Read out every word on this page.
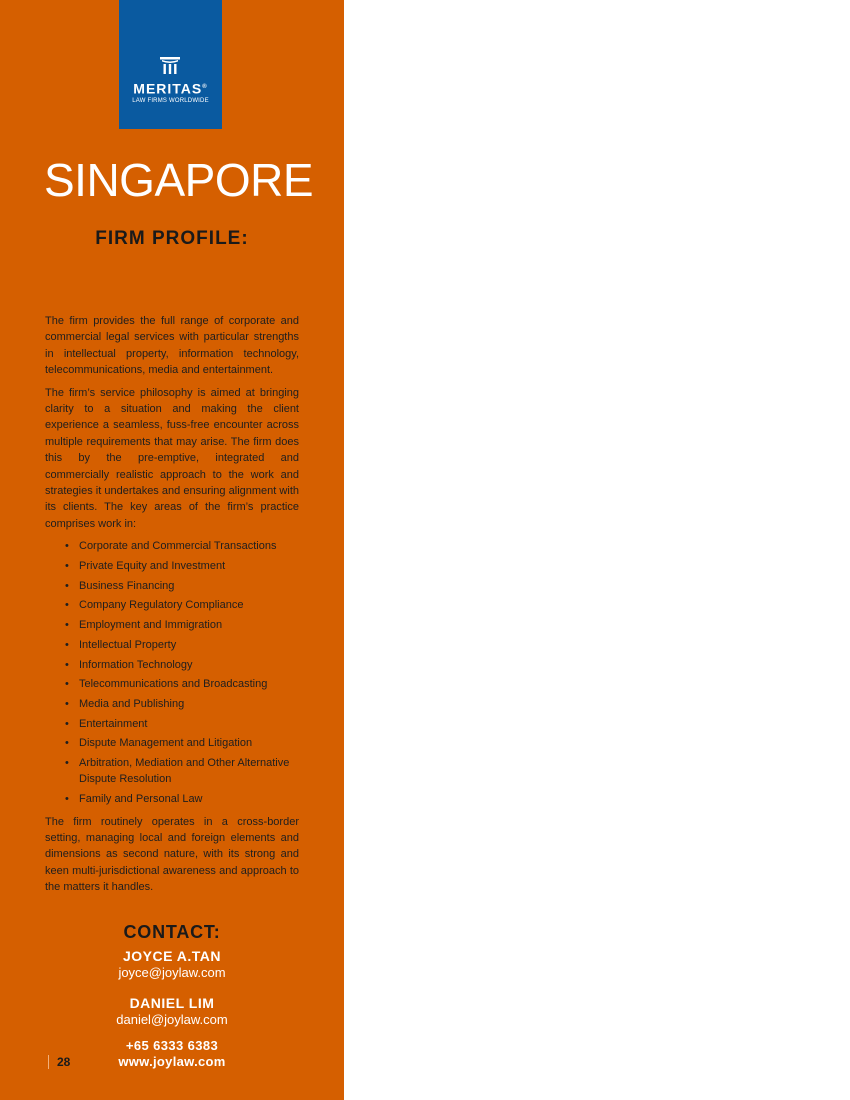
MERITAS®
LAW FIRMS WORLDWIDE
SINGAPORE
FIRM PROFILE:

The firm provides the full range of corporate and commercial legal services with particular strengths in intellectual property, information technology, telecommunications, media and entertainment.

The firm’s service philosophy is aimed at bringing clarity to a situation and making the client experience a seamless, fuss-free encounter across multiple requirements that may arise. The firm does this by the pre-emptive, integrated and commercially realistic approach to the work and strategies it undertakes and ensuring alignment with its clients. The key areas of the firm’s practice comprises work in:

• Corporate and Commercial Transactions
• Private Equity and Investment
• Business Financing
• Company Regulatory Compliance
• Employment and Immigration
• Intellectual Property
• Information Technology
• Telecommunications and Broadcasting
• Media and Publishing
• Entertainment
• Dispute Management and Litigation
• Arbitration, Mediation and Other Alternative Dispute Resolution
• Family and Personal Law

The firm routinely operates in a cross-border setting, managing local and foreign elements and dimensions as second nature, with its strong and keen multi-jurisdictional awareness and approach to the matters it handles.

CONTACT:
JOYCE A.TAN
joyce@joylaw.com
DANIEL LIM
daniel@joylaw.com
+65 6333 6383
www.joylaw.com
28
